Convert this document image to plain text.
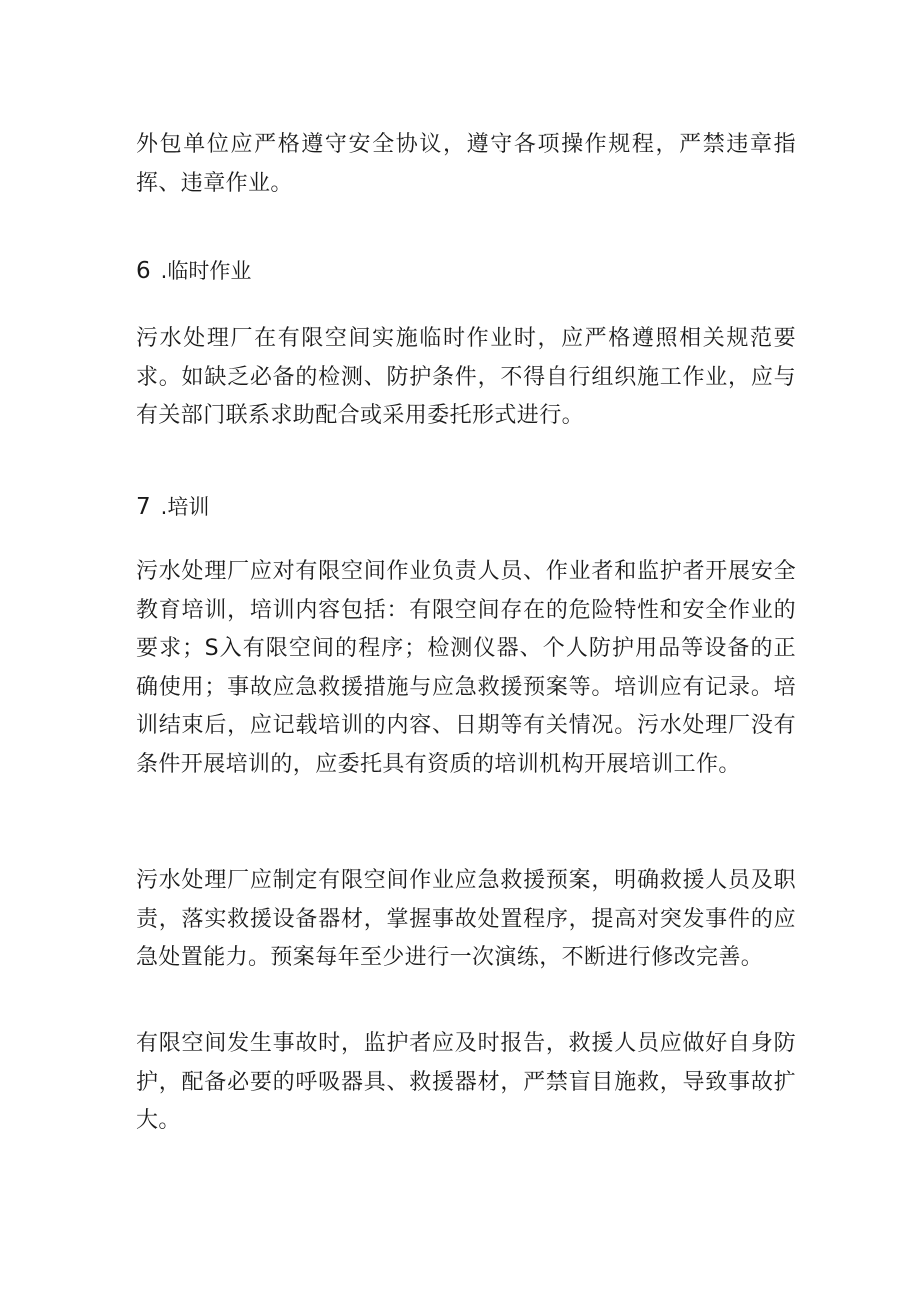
外包单位应严格遵守安全协议，遵守各项操作规程，严禁违章指挥、违章作业。

6 .临时作业

污水处理厂在有限空间实施临时作业时，应严格遵照相关规范要求。如缺乏必备的检测、防护条件，不得自行组织施工作业，应与有关部门联系求助配合或采用委托形式进行。

7 .培训

污水处理厂应对有限空间作业负责人员、作业者和监护者开展安全教育培训，培训内容包括：有限空间存在的危险特性和安全作业的要求；S入有限空间的程序；检测仪器、个人防护用品等设备的正确使用；事故应急救援措施与应急救援预案等。培训应有记录。培训结束后，应记载培训的内容、日期等有关情况。污水处理厂没有条件开展培训的，应委托具有资质的培训机构开展培训工作。

污水处理厂应制定有限空间作业应急救援预案，明确救援人员及职责，落实救援设备器材，掌握事故处置程序，提高对突发事件的应急处置能力。预案每年至少进行一次演练，不断进行修改完善。

有限空间发生事故时，监护者应及时报告，救援人员应做好自身防护，配备必要的呼吸器具、救援器材，严禁盲目施救，导致事故扩大。
